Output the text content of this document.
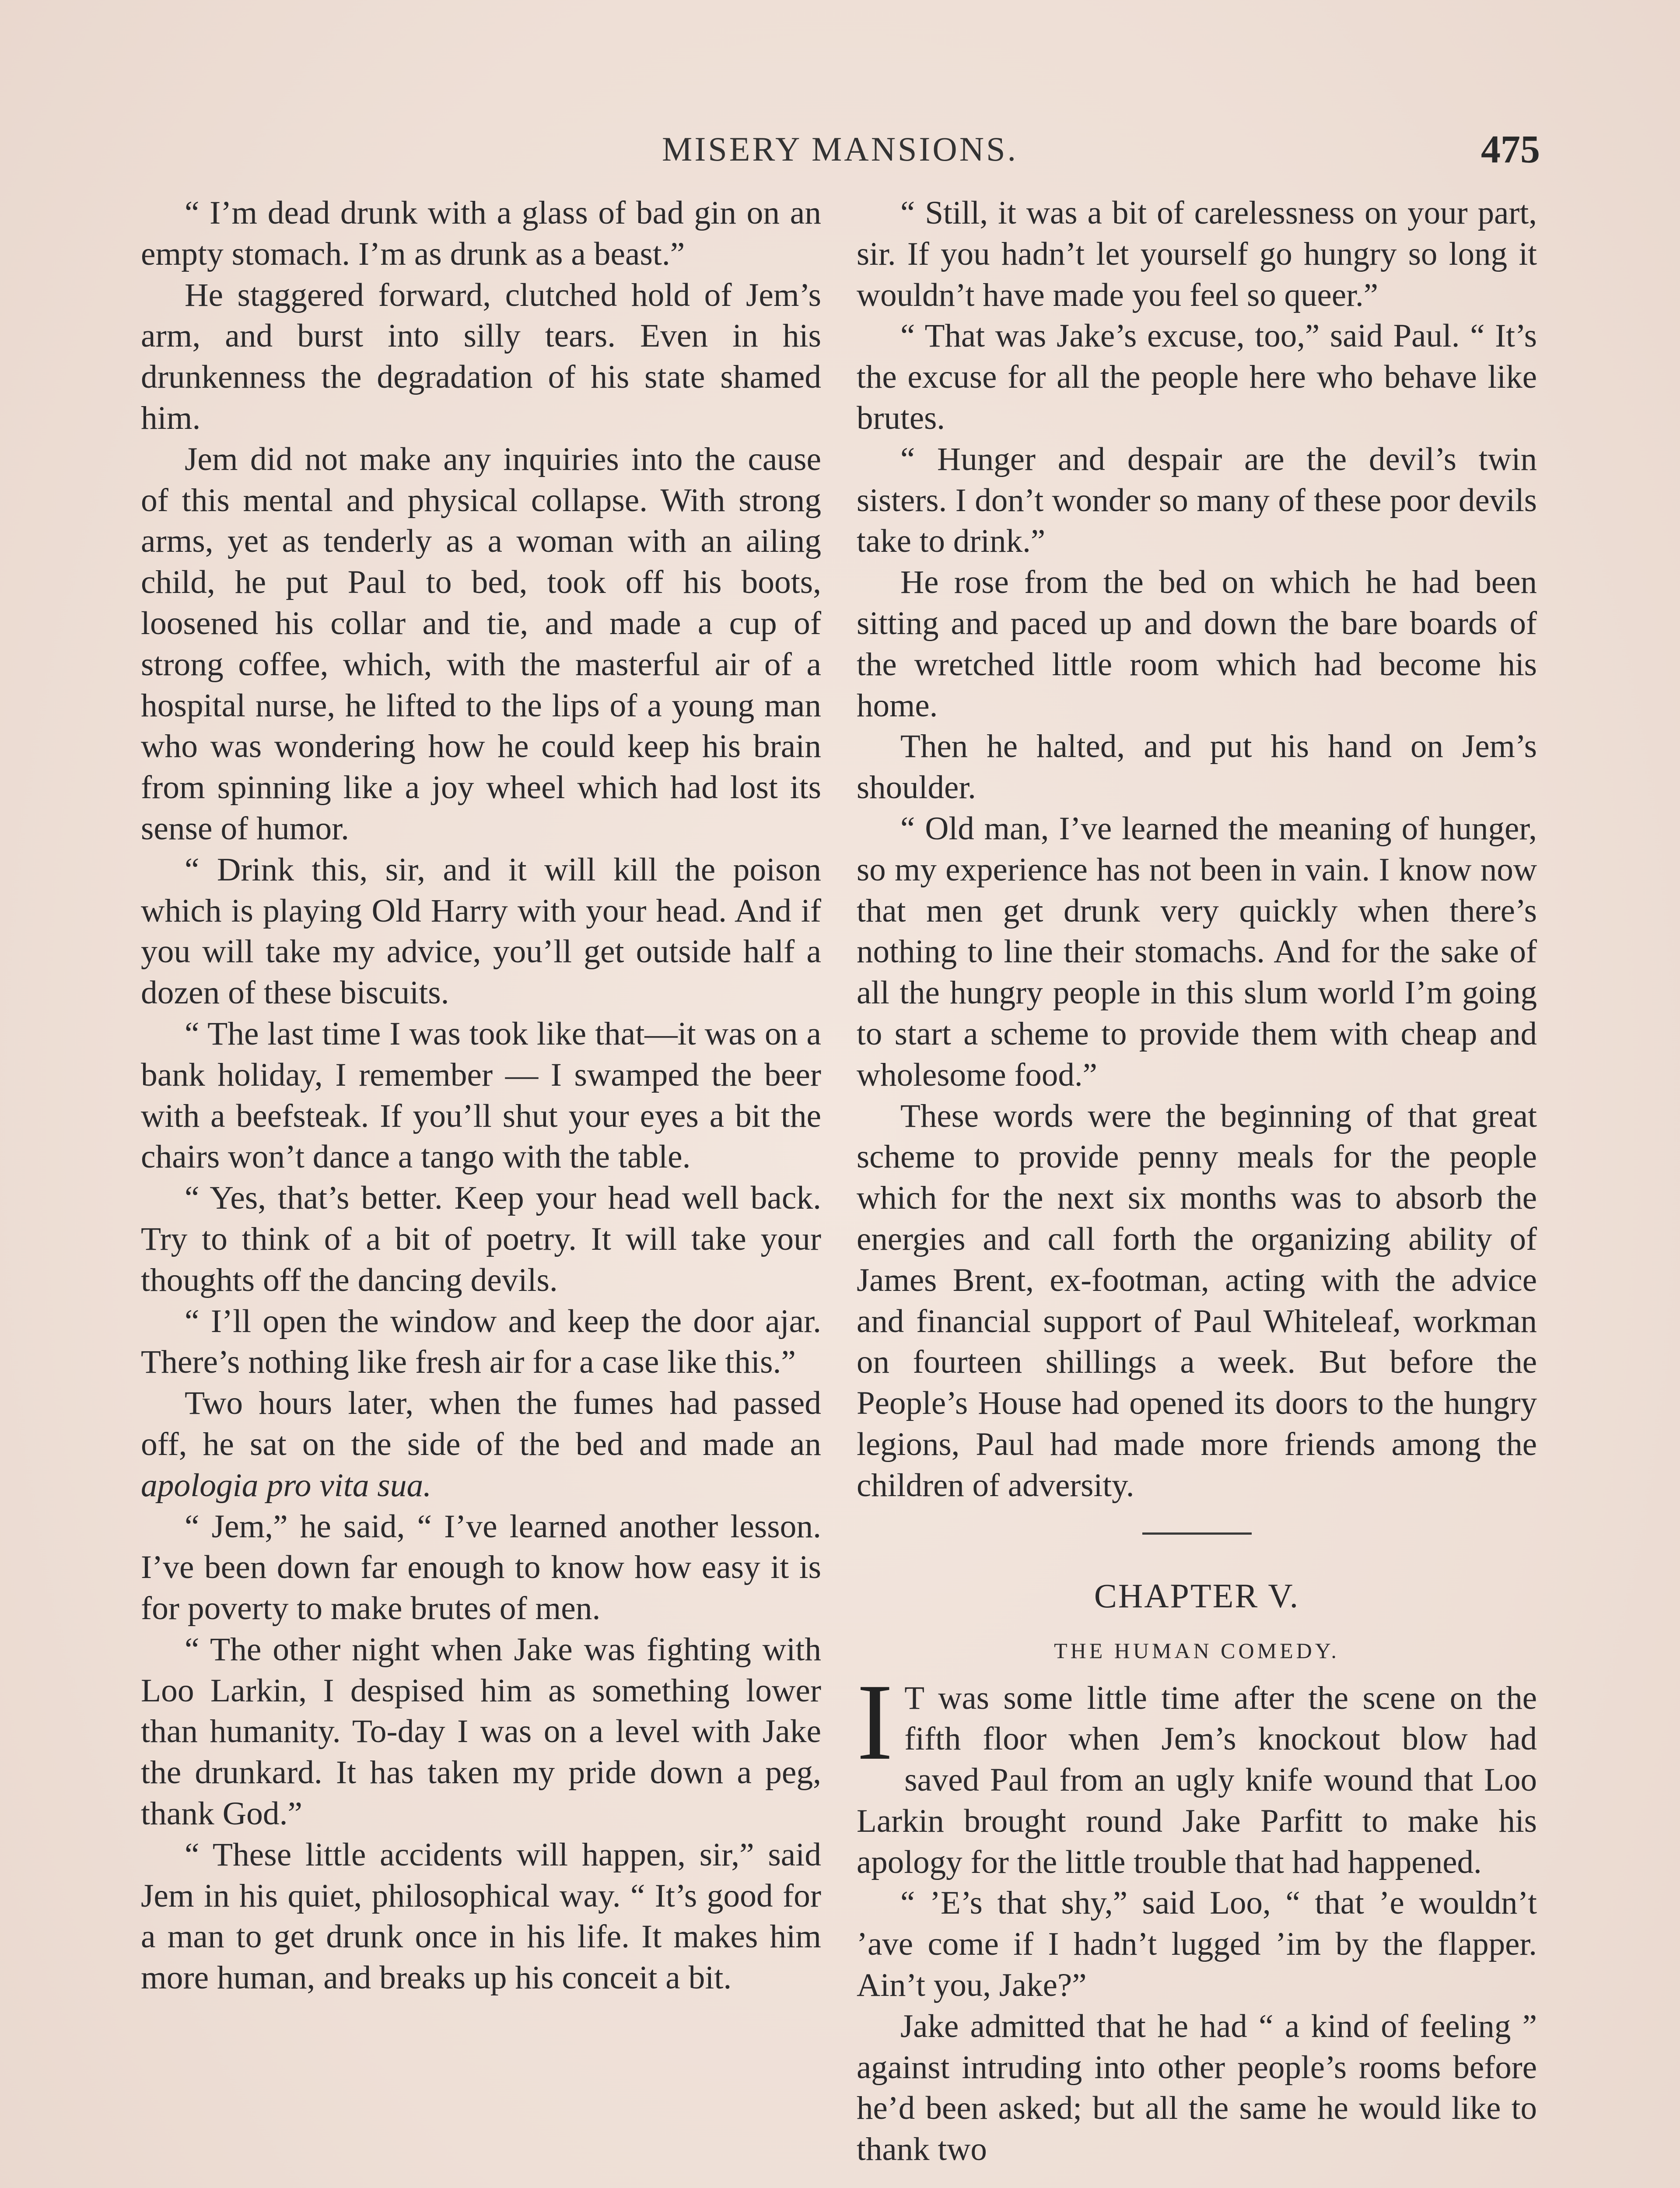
MISERY MANSIONS.	475

“ I’m dead drunk with a glass of bad gin on an empty stomach. I’m as drunk as a beast.”

He staggered forward, clutched hold of Jem’s arm, and burst into silly tears. Even in his drunkenness the degradation of his state shamed him.

Jem did not make any inquiries into the cause of this mental and physical collapse. With strong arms, yet as tenderly as a woman with an ailing child, he put Paul to bed, took off his boots, loosened his collar and tie, and made a cup of strong coffee, which, with the masterful air of a hospital nurse, he lifted to the lips of a young man who was wondering how he could keep his brain from spinning like a joy wheel which had lost its sense of humor.

“ Drink this, sir, and it will kill the poison which is playing Old Harry with your head. And if you will take my advice, you’ll get outside half a dozen of these biscuits.

“ The last time I was took like that—it was on a bank holiday, I remember — I swamped the beer with a beefsteak. If you’ll shut your eyes a bit the chairs won’t dance a tango with the table.

“ Yes, that’s better. Keep your head well back. Try to think of a bit of poetry. It will take your thoughts off the dancing devils.

“ I’ll open the window and keep the door ajar. There’s nothing like fresh air for a case like this.”

Two hours later, when the fumes had passed off, he sat on the side of the bed and made an apologia pro vita sua.

“ Jem,” he said, “ I’ve learned another lesson. I’ve been down far enough to know how easy it is for poverty to make brutes of men.

“ The other night when Jake was fighting with Loo Larkin, I despised him as something lower than humanity. To-day I was on a level with Jake the drunkard. It has taken my pride down a peg, thank God.”

“ These little accidents will happen, sir,” said Jem in his quiet, philosophical way. “ It’s good for a man to get drunk once in his life. It makes him more human, and breaks up his conceit a bit.

“ Still, it was a bit of carelessness on your part, sir. If you hadn’t let yourself go hungry so long it wouldn’t have made you feel so queer.”

“ That was Jake’s excuse, too,” said Paul. “ It’s the excuse for all the people here who behave like brutes.

“ Hunger and despair are the devil’s twin sisters. I don’t wonder so many of these poor devils take to drink.”

He rose from the bed on which he had been sitting and paced up and down the bare boards of the wretched little room which had become his home.

Then he halted, and put his hand on Jem’s shoulder.

“ Old man, I’ve learned the meaning of hunger, so my experience has not been in vain. I know now that men get drunk very quickly when there’s nothing to line their stomachs. And for the sake of all the hungry people in this slum world I’m going to start a scheme to provide them with cheap and wholesome food.”

These words were the beginning of that great scheme to provide penny meals for the people which for the next six months was to absorb the energies and call forth the organizing ability of James Brent, ex-footman, acting with the advice and financial support of Paul Whiteleaf, workman on fourteen shillings a week. But before the People’s House had opened its doors to the hungry legions, Paul had made more friends among the children of adversity.

CHAPTER V.
THE HUMAN COMEDY.

I T was some little time after the scene on the fifth floor when Jem’s knockout blow had saved Paul from an ugly knife wound that Loo Larkin brought round Jake Parfitt to make his apology for the little trouble that had happened.

“ ’E’s that shy,” said Loo, “ that ’e wouldn’t ’ave come if I hadn’t lugged ’im by the flapper. Ain’t you, Jake?”

Jake admitted that he had “ a kind of feeling ” against intruding into other people’s rooms before he’d been asked; but all the same he would like to thank two
